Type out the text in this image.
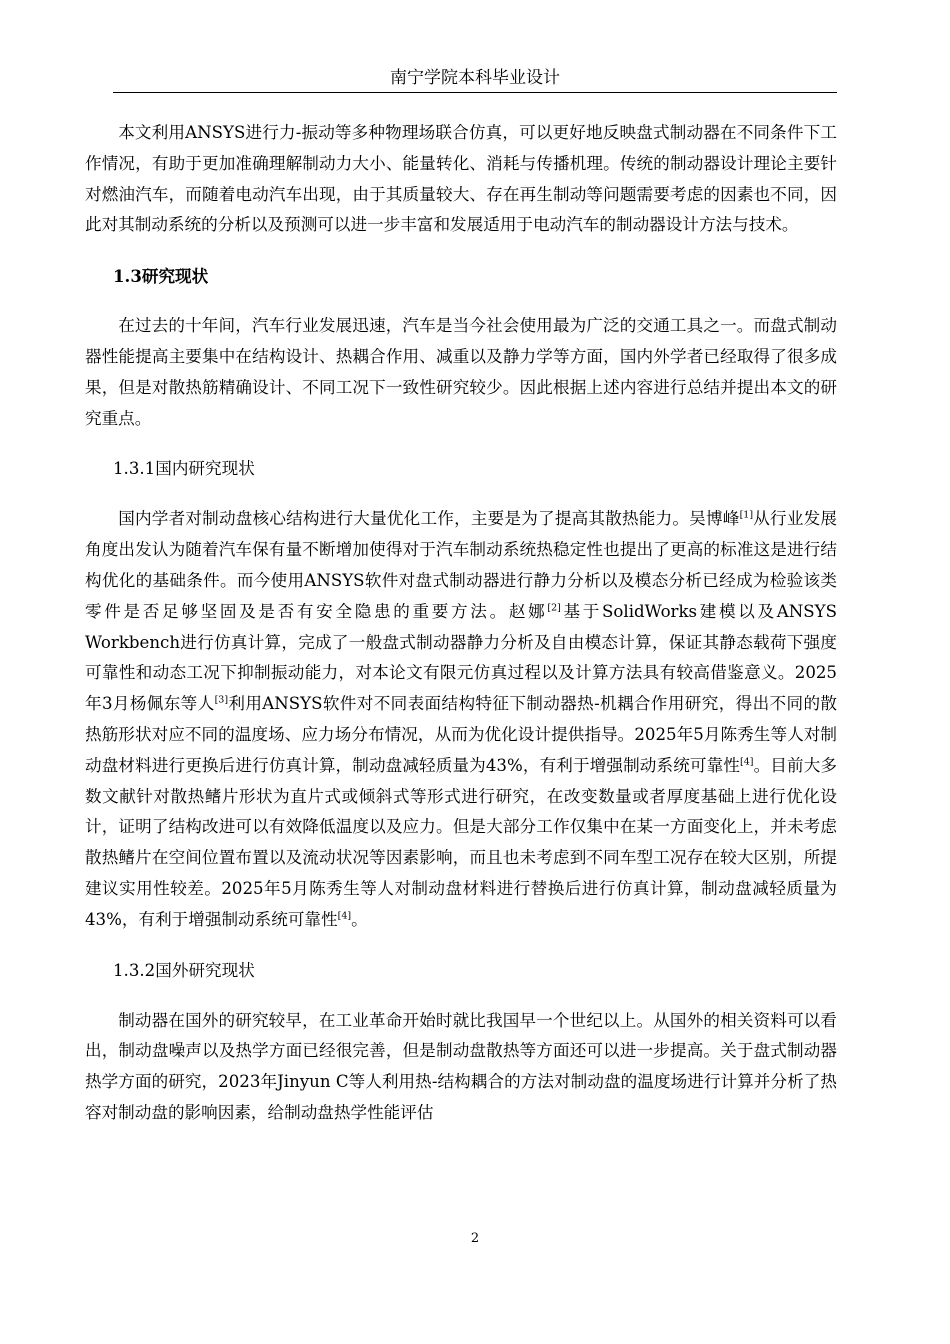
南宁学院本科毕业设计

本文利用ANSYS进行力-振动等多种物理场联合仿真，可以更好地反映盘式制动器在不同条件下工作情况，有助于更加准确理解制动力大小、能量转化、消耗与传播机理。传统的制动器设计理论主要针对燃油汽车，而随着电动汽车出现，由于其质量较大、存在再生制动等问题需要考虑的因素也不同，因此对其制动系统的分析以及预测可以进一步丰富和发展适用于电动汽车的制动器设计方法与技术。

1.3研究现状

在过去的十年间，汽车行业发展迅速，汽车是当今社会使用最为广泛的交通工具之一。而盘式制动器性能提高主要集中在结构设计、热耦合作用、减重以及静力学等方面，国内外学者已经取得了很多成果，但是对散热筋精确设计、不同工况下一致性研究较少。因此根据上述内容进行总结并提出本文的研究重点。

1.3.1国内研究现状

国内学者对制动盘核心结构进行大量优化工作，主要是为了提高其散热能力。吴博峰[1]从行业发展角度出发认为随着汽车保有量不断增加使得对于汽车制动系统热稳定性也提出了更高的标准这是进行结构优化的基础条件。而今使用ANSYS软件对盘式制动器进行静力分析以及模态分析已经成为检验该类零件是否足够坚固及是否有安全隐患的重要方法。赵娜[2]基于SolidWorks建模以及ANSYS Workbench进行仿真计算，完成了一般盘式制动器静力分析及自由模态计算，保证其静态载荷下强度可靠性和动态工况下抑制振动能力，对本论文有限元仿真过程以及计算方法具有较高借鉴意义。2025年3月杨佩东等人[3]利用ANSYS软件对不同表面结构特征下制动器热-机耦合作用研究，得出不同的散热筋形状对应不同的温度场、应力场分布情况，从而为优化设计提供指导。2025年5月陈秀生等人对制动盘材料进行更换后进行仿真计算，制动盘减轻质量为43%，有利于增强制动系统可靠性[4]。目前大多数文献针对散热鳍片形状为直片式或倾斜式等形式进行研究，在改变数量或者厚度基础上进行优化设计，证明了结构改进可以有效降低温度以及应力。但是大部分工作仅集中在某一方面变化上，并未考虑散热鳍片在空间位置布置以及流动状况等因素影响，而且也未考虑到不同车型工况存在较大区别，所提建议实用性较差。2025年5月陈秀生等人对制动盘材料进行替换后进行仿真计算，制动盘减轻质量为43%，有利于增强制动系统可靠性[4]。

1.3.2国外研究现状

制动器在国外的研究较早，在工业革命开始时就比我国早一个世纪以上。从国外的相关资料可以看出，制动盘噪声以及热学方面已经很完善，但是制动盘散热等方面还可以进一步提高。关于盘式制动器热学方面的研究，2023年Jinyun C等人利用热-结构耦合的方法对制动盘的温度场进行计算并分析了热容对制动盘的影响因素，给制动盘热学性能评估

2
